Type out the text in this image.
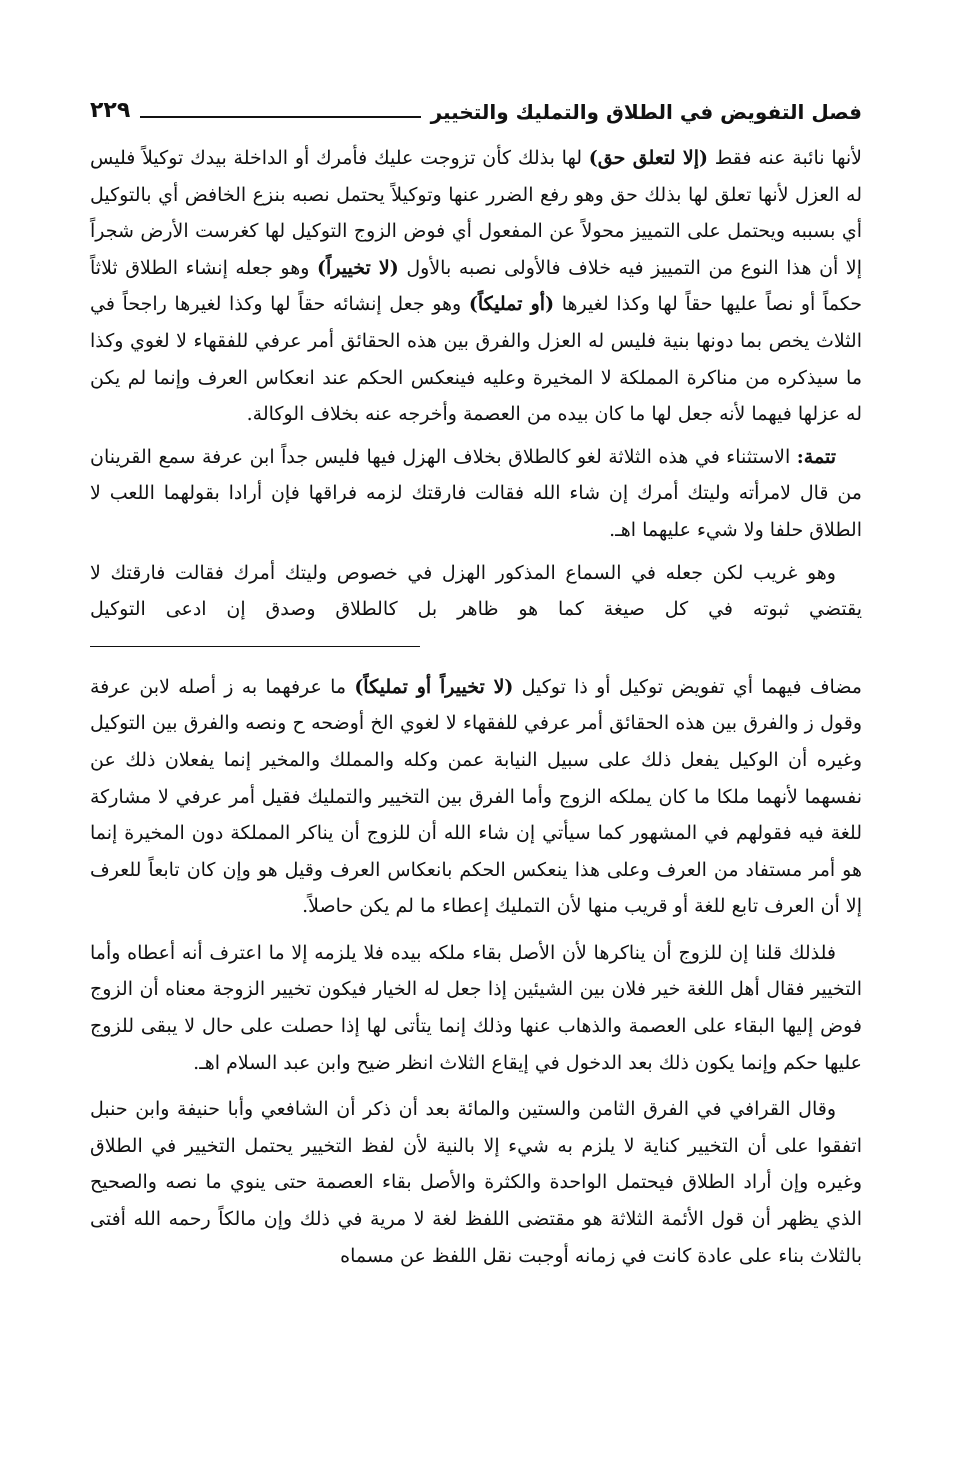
فصل التفويض في الطلاق والتمليك والتخيير
٢٢٩

لأنها نائبة عنه فقط (إلا لتعلق حق) لها بذلك كأن تزوجت عليك فأمرك أو الداخلة بيدك توكيلاً فليس له العزل لأنها تعلق لها بذلك حق وهو رفع الضرر عنها وتوكيلاً يحتمل نصبه بنزع الخافض أي بالتوكيل أي بسببه ويحتمل على التمييز محولاً عن المفعول أي فوض الزوج التوكيل لها كغرست الأرض شجراً إلا أن هذا النوع من التمييز فيه خلاف فالأولى نصبه بالأول (لا تخييراً) وهو جعله إنشاء الطلاق ثلاثاً حكماً أو نصاً عليها حقاً لها وكذا لغيرها (أو تمليكاً) وهو جعل إنشائه حقاً لها وكذا لغيرها راجحاً في الثلاث يخص بما دونها بنية فليس له العزل والفرق بين هذه الحقائق أمر عرفي للفقهاء لا لغوي وكذا ما سيذكره من مناكرة المملكة لا المخيرة وعليه فينعكس الحكم عند انعكاس العرف وإنما لم يكن له عزلها فيهما لأنه جعل لها ما كان بيده من العصمة وأخرجه عنه بخلاف الوكالة.

تتمة: الاستثناء في هذه الثلاثة لغو كالطلاق بخلاف الهزل فيها فليس جداً ابن عرفة سمع القرينان من قال لامرأته وليتك أمرك إن شاء الله فقالت فارقتك لزمه فراقها فإن أرادا بقولهما اللعب لا الطلاق حلفا ولا شيء عليهما اهـ.

وهو غريب لكن جعله في السماع المذكور الهزل في خصوص وليتك أمرك فقالت فارقتك لا يقتضي ثبوته في كل صيغة كما هو ظاهر بل كالطلاق وصدق إن ادعى التوكيل

مضاف فيهما أي تفويض توكيل أو ذا توكيل (لا تخييراً أو تمليكاً) ما عرفهما به ز أصله لابن عرفة وقول ز والفرق بين هذه الحقائق أمر عرفي للفقهاء لا لغوي الخ أوضحه ح ونصه والفرق بين التوكيل وغيره أن الوكيل يفعل ذلك على سبيل النيابة عمن وكله والمملك والمخير إنما يفعلان ذلك عن نفسهما لأنهما ملكا ما كان يملكه الزوج وأما الفرق بين التخيير والتمليك فقيل أمر عرفي لا مشاركة للغة فيه فقولهم في المشهور كما سيأتي إن شاء الله أن للزوج أن يناكر المملكة دون المخيرة إنما هو أمر مستفاد من العرف وعلى هذا ينعكس الحكم بانعكاس العرف وقيل هو وإن كان تابعاً للعرف إلا أن العرف تابع للغة أو قريب منها لأن التمليك إعطاء ما لم يكن حاصلاً.

فلذلك قلنا إن للزوج أن يناكرها لأن الأصل بقاء ملكه بيده فلا يلزمه إلا ما اعترف أنه أعطاه وأما التخيير فقال أهل اللغة خير فلان بين الشيئين إذا جعل له الخيار فيكون تخيير الزوجة معناه أن الزوج فوض إليها البقاء على العصمة والذهاب عنها وذلك إنما يتأتى لها إذا حصلت على حال لا يبقى للزوج عليها حكم وإنما يكون ذلك بعد الدخول في إيقاع الثلاث انظر ضيح وابن عبد السلام اهـ.

وقال القرافي في الفرق الثامن والستين والمائة بعد أن ذكر أن الشافعي وأبا حنيفة وابن حنبل اتفقوا على أن التخيير كناية لا يلزم به شيء إلا بالنية لأن لفظ التخيير يحتمل التخيير في الطلاق وغيره وإن أراد الطلاق فيحتمل الواحدة والكثرة والأصل بقاء العصمة حتى ينوي ما نصه والصحيح الذي يظهر أن قول الأئمة الثلاثة هو مقتضى اللفظ لغة لا مرية في ذلك وإن مالكاً رحمه الله أفتى بالثلاث بناء على عادة كانت في زمانه أوجبت نقل اللفظ عن مسماه
